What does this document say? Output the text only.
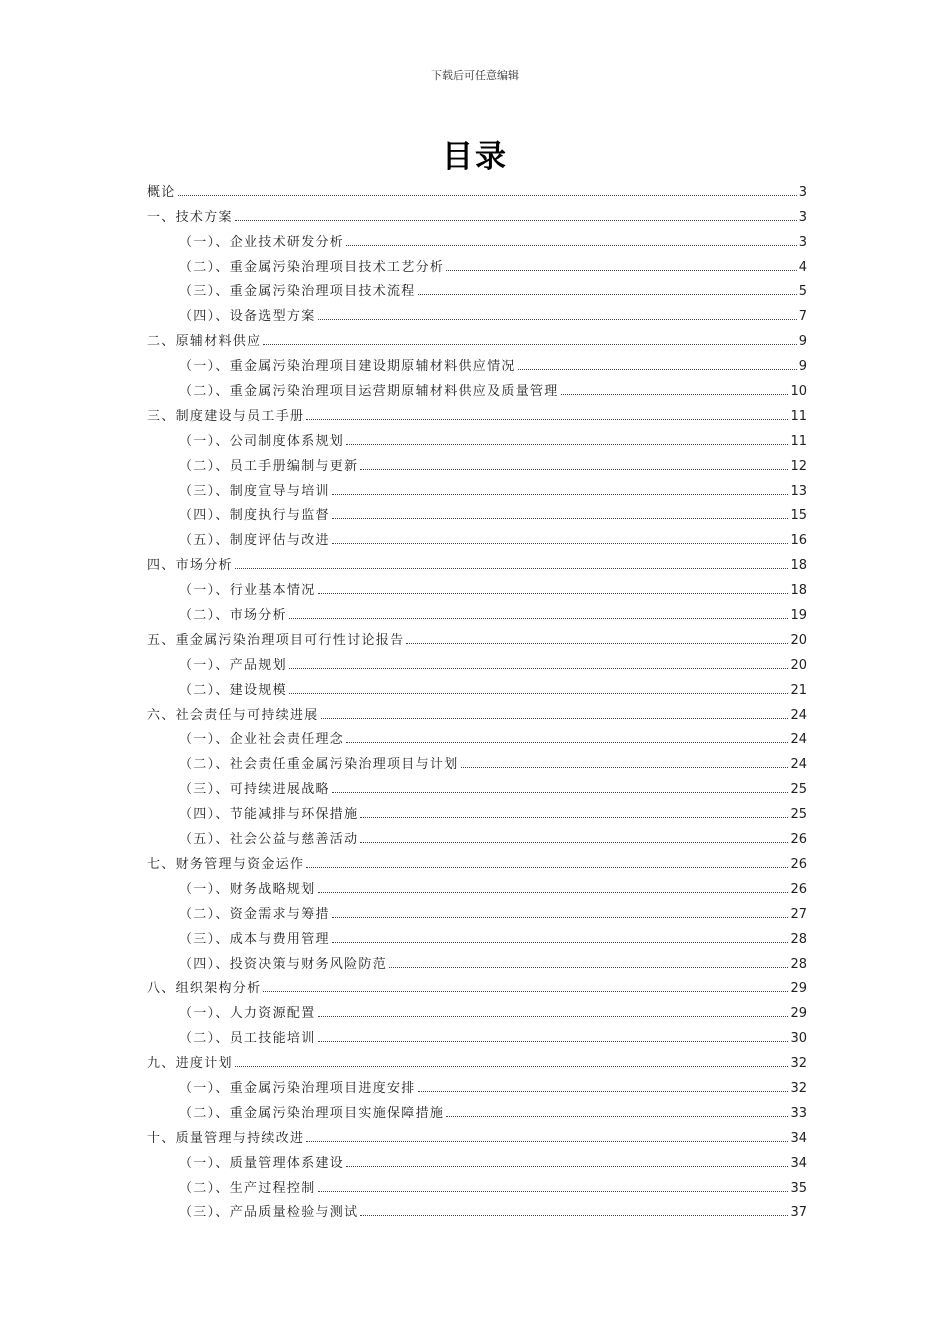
下载后可任意编辑
目录
概论	3
一、技术方案	3
（一）、企业技术研发分析	3
（二）、重金属污染治理项目技术工艺分析	4
（三）、重金属污染治理项目技术流程	5
（四）、设备选型方案	7
二、原辅材料供应	9
（一）、重金属污染治理项目建设期原辅材料供应情况	9
（二）、重金属污染治理项目运营期原辅材料供应及质量管理	10
三、制度建设与员工手册	11
（一）、公司制度体系规划	11
（二）、员工手册编制与更新	12
（三）、制度宣导与培训	13
（四）、制度执行与监督	15
（五）、制度评估与改进	16
四、市场分析	18
（一）、行业基本情况	18
（二）、市场分析	19
五、重金属污染治理项目可行性讨论报告	20
（一）、产品规划	20
（二）、建设规模	21
六、社会责任与可持续进展	24
（一）、企业社会责任理念	24
（二）、社会责任重金属污染治理项目与计划	24
（三）、可持续进展战略	25
（四）、节能减排与环保措施	25
（五）、社会公益与慈善活动	26
七、财务管理与资金运作	26
（一）、财务战略规划	26
（二）、资金需求与筹措	27
（三）、成本与费用管理	28
（四）、投资决策与财务风险防范	28
八、组织架构分析	29
（一）、人力资源配置	29
（二）、员工技能培训	30
九、进度计划	32
（一）、重金属污染治理项目进度安排	32
（二）、重金属污染治理项目实施保障措施	33
十、质量管理与持续改进	34
（一）、质量管理体系建设	34
（二）、生产过程控制	35
（三）、产品质量检验与测试	37
